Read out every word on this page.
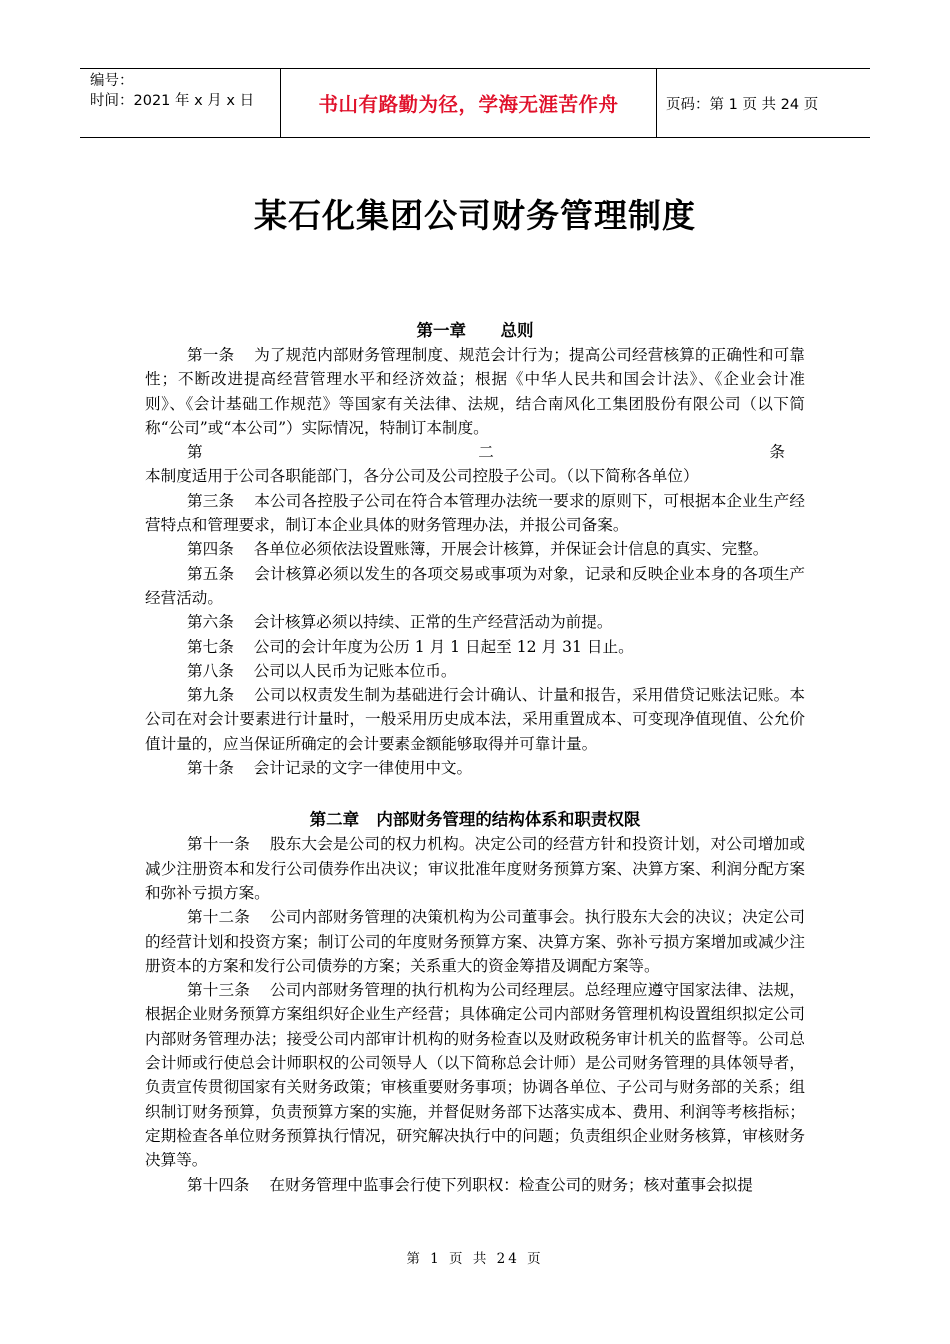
编号：
时间：2021 年 x 月 x 日	书山有路勤为径，学海无涯苦作舟	页码：第 1 页 共 24 页
某石化集团公司财务管理制度
第一章      总则

第一条 为了规范内部财务管理制度、规范会计行为；提高公司经营核算的正确性和可靠性；不断改进提高经营管理水平和经济效益；根据《中华人民共和国会计法》、《企业会计准则》、《会计基础工作规范》等国家有关法律、法规，结合南风化工集团股份有限公司（以下简称“公司”或“本公司”）实际情况，特制订本制度。

第二条本制度适用于公司各职能部门，各分公司及公司控股子公司。（以下简称各单位）

第三条 本公司各控股子公司在符合本管理办法统一要求的原则下，可根据本企业生产经营特点和管理要求，制订本企业具体的财务管理办法，并报公司备案。

第四条 各单位必须依法设置账簿，开展会计核算，并保证会计信息的真实、完整。

第五条 会计核算必须以发生的各项交易或事项为对象，记录和反映企业本身的各项生产经营活动。

第六条 会计核算必须以持续、正常的生产经营活动为前提。

第七条 公司的会计年度为公历 1 月 1 日起至 12 月 31 日止。

第八条 公司以人民币为记账本位币。

第九条 公司以权责发生制为基础进行会计确认、计量和报告，采用借贷记账法记账。本公司在对会计要素进行计量时，一般采用历史成本法，采用重置成本、可变现净值现值、公允价值计量的，应当保证所确定的会计要素金额能够取得并可靠计量。

第十条 会计记录的文字一律使用中文。

第二章   内部财务管理的结构体系和职责权限

第十一条 股东大会是公司的权力机构。决定公司的经营方针和投资计划，对公司增加或减少注册资本和发行公司债券作出决议；审议批准年度财务预算方案、决算方案、利润分配方案和弥补亏损方案。

第十二条 公司内部财务管理的决策机构为公司董事会。执行股东大会的决议；决定公司的经营计划和投资方案；制订公司的年度财务预算方案、决算方案、弥补亏损方案增加或减少注册资本的方案和发行公司债券的方案；关系重大的资金筹措及调配方案等。

第十三条 公司内部财务管理的执行机构为公司经理层。总经理应遵守国家法律、法规，根据企业财务预算方案组织好企业生产经营；具体确定公司内部财务管理机构设置组织拟定公司内部财务管理办法；接受公司内部审计机构的财务检查以及财政税务审计机关的监督等。公司总会计师或行使总会计师职权的公司领导人（以下简称总会计师）是公司财务管理的具体领导者，负责宣传贯彻国家有关财务政策；审核重要财务事项；协调各单位、子公司与财务部的关系；组织制订财务预算，负责预算方案的实施，并督促财务部下达落实成本、费用、利润等考核指标；定期检查各单位财务预算执行情况，研究解决执行中的问题；负责组织企业财务核算，审核财务决算等。

第十四条 在财务管理中监事会行使下列职权：检查公司的财务；核对董事会拟提

第 1 页 共 24 页
